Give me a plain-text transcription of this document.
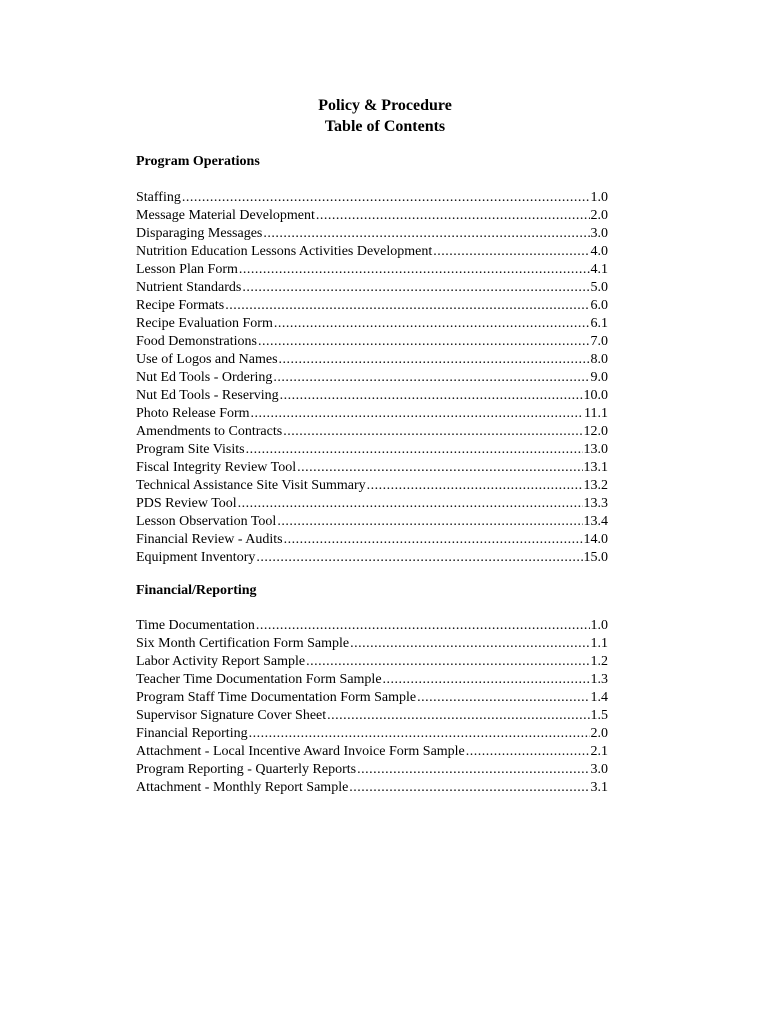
Policy & Procedure
Table of Contents
Program Operations
Staffing .....	1.0
Message Material Development .....	2.0
Disparaging Messages .....	3.0
Nutrition Education Lessons Activities Development .....	4.0
Lesson Plan Form .....	4.1
Nutrient Standards .....	5.0
Recipe Formats .....	6.0
Recipe Evaluation Form .....	6.1
Food Demonstrations .....	7.0
Use of Logos and Names .....	8.0
Nut Ed Tools - Ordering .....	9.0
Nut Ed Tools - Reserving .....	10.0
Photo Release Form .....	11.1
Amendments to Contracts .....	12.0
Program Site Visits .....	13.0
Fiscal Integrity Review Tool .....	13.1
Technical Assistance Site Visit Summary .....	13.2
PDS Review Tool .....	13.3
Lesson Observation Tool .....	13.4
Financial Review - Audits .....	14.0
Equipment Inventory .....	15.0
Financial/Reporting
Time Documentation .....	1.0
Six Month Certification Form Sample .....	1.1
Labor Activity Report Sample .....	1.2
Teacher Time Documentation Form Sample .....	1.3
Program Staff Time Documentation Form Sample .....	1.4
Supervisor Signature Cover Sheet .....	1.5
Financial Reporting .....	2.0
Attachment - Local Incentive Award Invoice Form Sample .....	2.1
Program Reporting - Quarterly Reports .....	3.0
Attachment - Monthly Report Sample .....	3.1
